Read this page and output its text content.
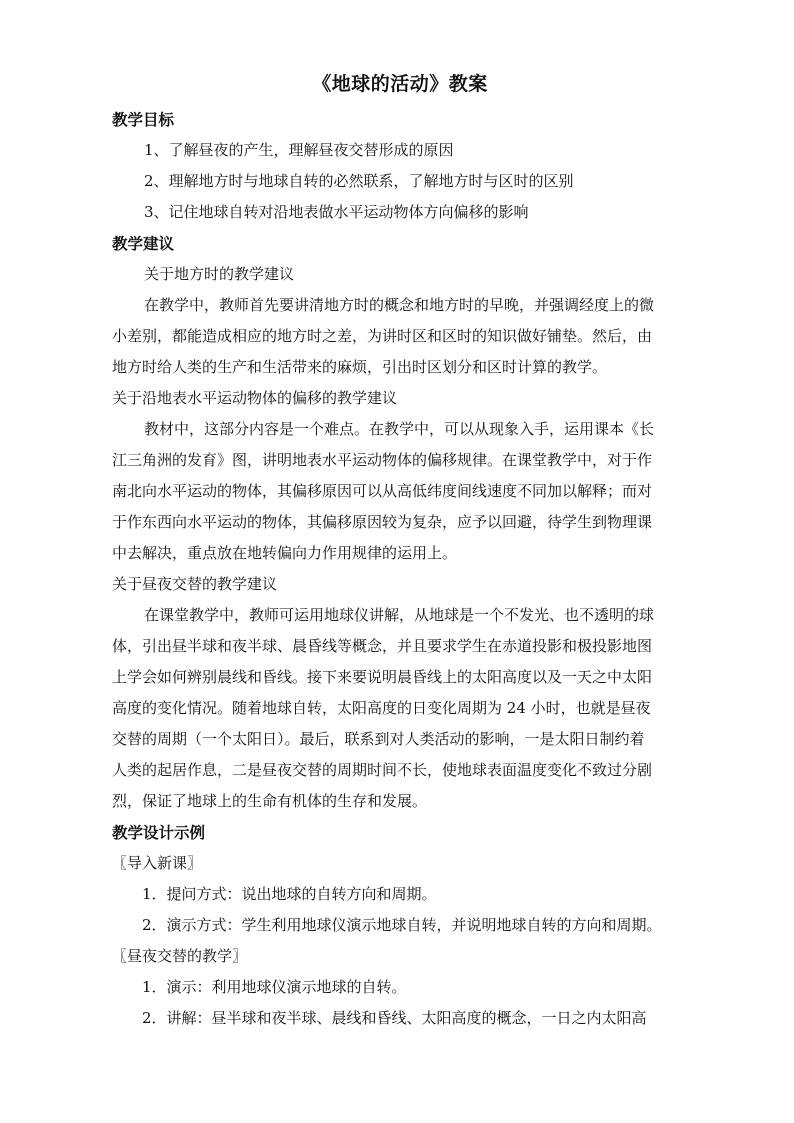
《地球的活动》教案
教学目标

1、了解昼夜的产生，理解昼夜交替形成的原因

2、理解地方时与地球自转的必然联系，了解地方时与区时的区别

3、记住地球自转对沿地表做水平运动物体方向偏移的影响

教学建议

关于地方时的教学建议

在教学中，教师首先要讲清地方时的概念和地方时的早晚，并强调经度上的微

小差别，都能造成相应的地方时之差，为讲时区和区时的知识做好铺垫。然后，由

地方时给人类的生产和生活带来的麻烦，引出时区划分和区时计算的教学。

关于沿地表水平运动物体的偏移的教学建议

教材中，这部分内容是一个难点。在教学中，可以从现象入手，运用课本《长

江三角洲的发育》图，讲明地表水平运动物体的偏移规律。在课堂教学中，对于作

南北向水平运动的物体，其偏移原因可以从高低纬度间线速度不同加以解释；而对

于作东西向水平运动的物体，其偏移原因较为复杂，应予以回避，待学生到物理课

中去解决，重点放在地转偏向力作用规律的运用上。

关于昼夜交替的教学建议

在课堂教学中，教师可运用地球仪讲解，从地球是一个不发光、也不透明的球

体，引出昼半球和夜半球、晨昏线等概念，并且要求学生在赤道投影和极投影地图

上学会如何辨别晨线和昏线。接下来要说明晨昏线上的太阳高度以及一天之中太阳

高度的变化情况。随着地球自转，太阳高度的日变化周期为 24 小时，也就是昼夜

交替的周期（一个太阳日）。最后，联系到对人类活动的影响，一是太阳日制约着

人类的起居作息，二是昼夜交替的周期时间不长，使地球表面温度变化不致过分剧

烈，保证了地球上的生命有机体的生存和发展。

教学设计示例

〖导入新课〗

1．提问方式：说出地球的自转方向和周期。

2．演示方式：学生利用地球仪演示地球自转，并说明地球自转的方向和周期。

〖昼夜交替的教学〗

1．演示：利用地球仪演示地球的自转。

2．讲解：昼半球和夜半球、晨线和昏线、太阳高度的概念，一日之内太阳高
